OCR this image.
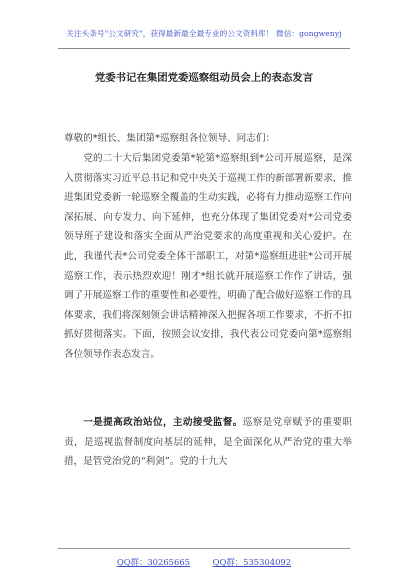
关注头条号"公文研究"，获得最新最全最专业的公文资料库！ 微信：gongwenyj
党委书记在集团党委巡察组动员会上的表态发言
尊敬的*组长、集团第*巡察组各位领导、同志们：

党的二十大后集团党委第*轮第*巡察组到*公司开展巡察，是深入贯彻落实习近平总书记和党中央关于巡视工作的新部署新要求，推进集团党委新一轮巡察全覆盖的生动实践，必将有力推动巡察工作向深拓展、向专发力、向下延伸，也充分体现了集团党委对*公司党委领导班子建设和落实全面从严治党要求的高度重视和关心爱护。在此，我谨代表*公司党委全体干部职工，对第*巡察组进驻*公司开展巡察工作，表示热烈欢迎！刚才*组长就开展巡察工作作了讲话，强调了开展巡察工作的重要性和必要性，明确了配合做好巡察工作的具体要求，我们将深刻领会讲话精神深入把握各项工作要求，不折不扣抓好贯彻落实。下面，按照会议安排，我代表公司党委向第*巡察组各位领导作表态发言。

一是提高政治站位，主动接受监督。巡察是党章赋予的重要职责，是巡视监督制度向基层的延伸，是全面深化从严治党的重大举措，是管党治党的“利剑”。党的十九大

QQ群：30265665	QQ群：535304092
